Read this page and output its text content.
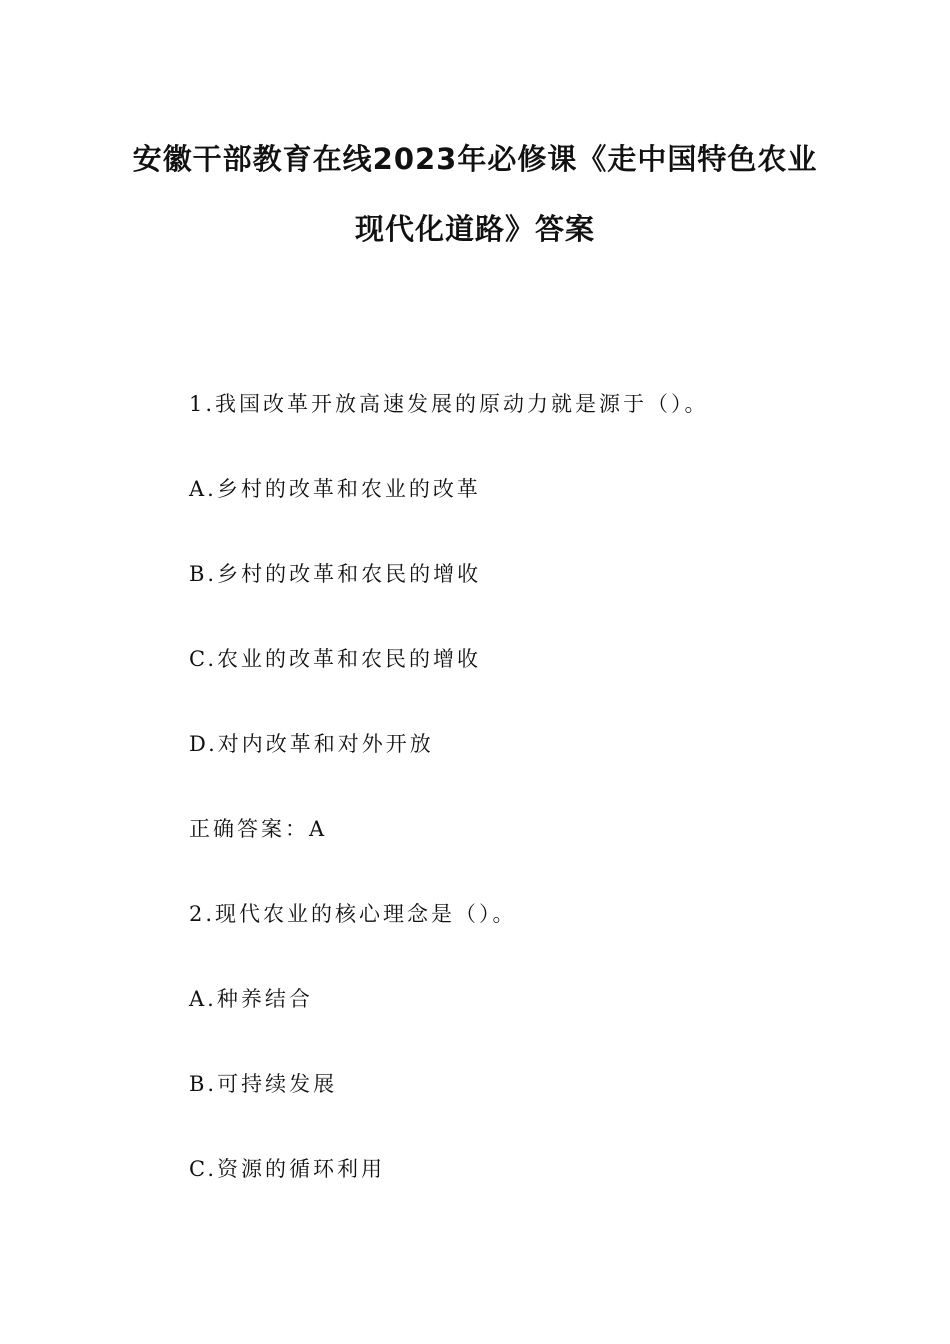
安徽干部教育在线2023年必修课《走中国特色农业
现代化道路》答案
1.我国改革开放高速发展的原动力就是源于（）。
A.乡村的改革和农业的改革
B.乡村的改革和农民的增收
C.农业的改革和农民的增收
D.对内改革和对外开放
正确答案：A
2.现代农业的核心理念是（）。
A.种养结合
B.可持续发展
C.资源的循环利用
